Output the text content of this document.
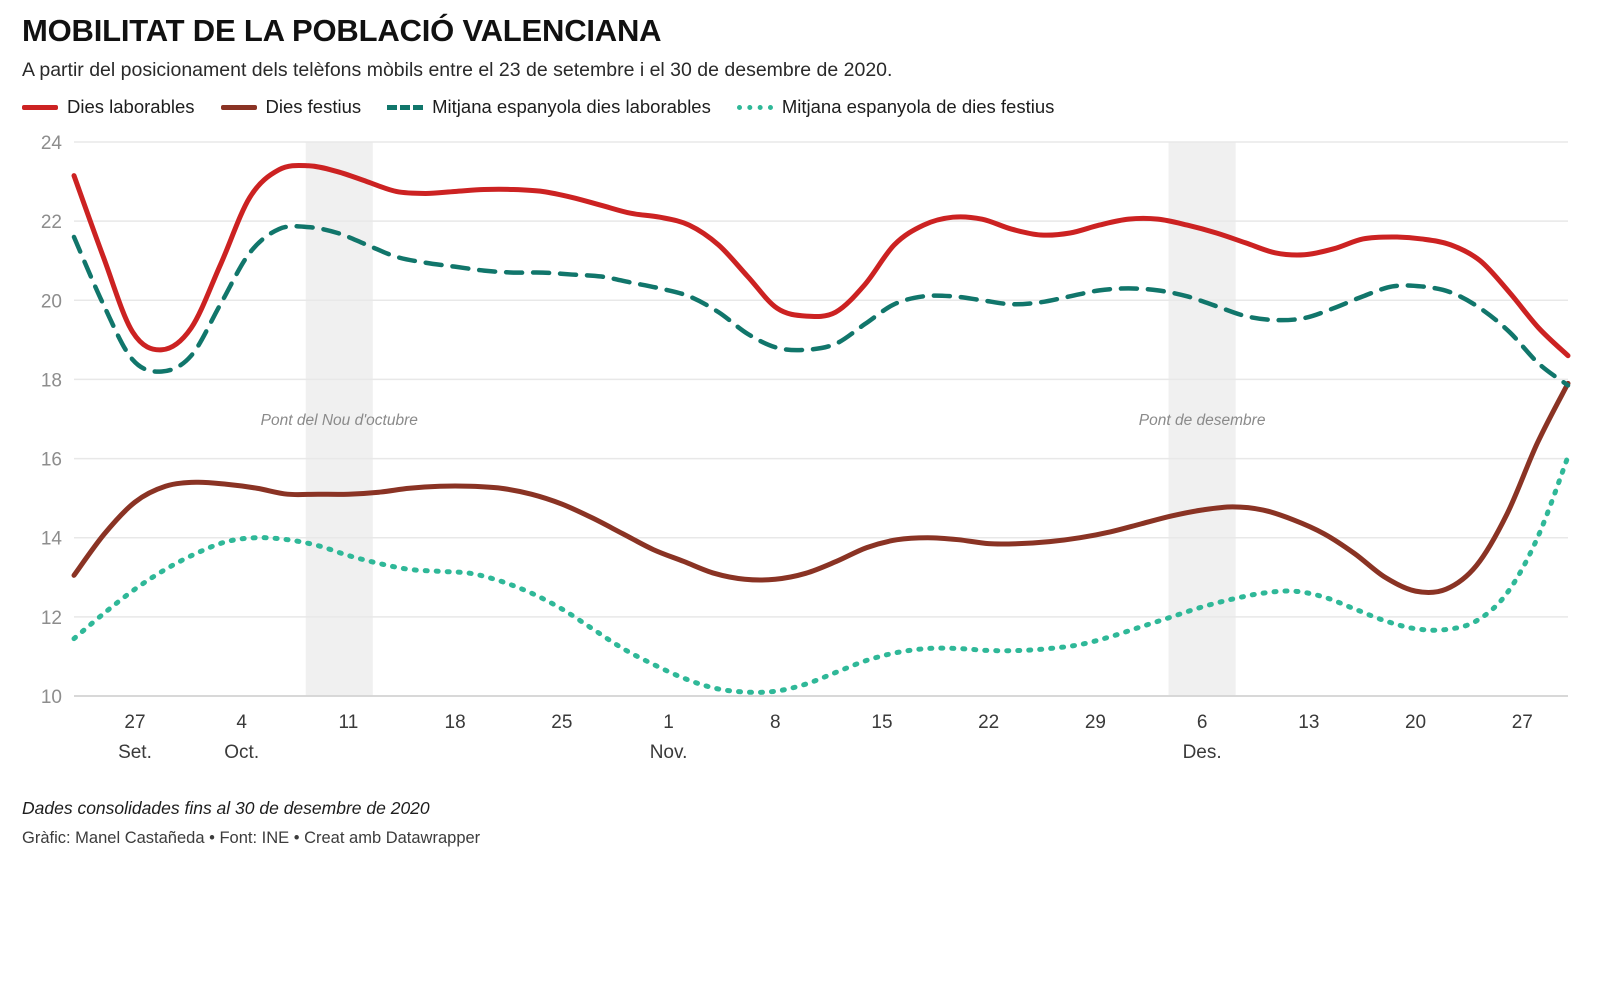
MOBILITAT DE LA POBLACIÓ VALENCIANA

A partir del posicionament dels telèfons mòbils entre el 23 de setembre i el 30 de desembre de 2020.

Dies laborables	Dies festius	Mitjana espanyola dies laborables	Mitjana espanyola de dies festius
10
12
14
16
18
20
22
24
Pont del Nou d'octubre	Pont de desembre
27
Set.
4
Oct.
11	18	25	1
Nov.
8	15	22	29	6
Des.
13	20	27

Dades consolidades fins al 30 de desembre de 2020

Gràfic: Manel Castañeda • Font: INE • Creat amb Datawrapper
